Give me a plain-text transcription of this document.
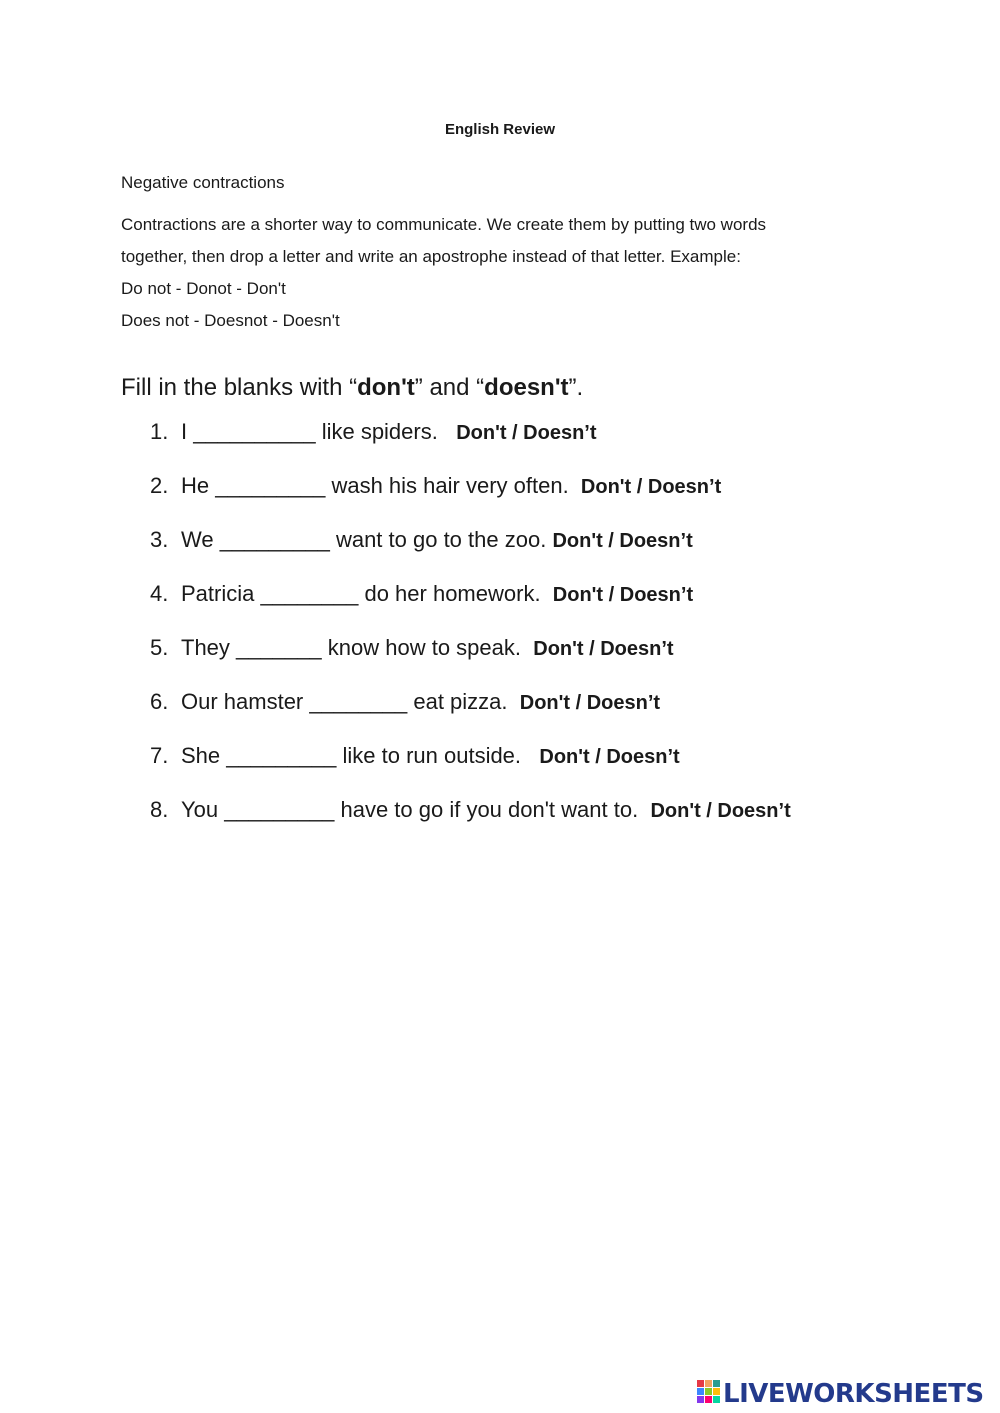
English Review
Negative contractions
Contractions are a shorter way to communicate. We create them by putting two words
together, then drop a letter and write an apostrophe instead of that letter. Example:
Do not - Donot - Don't
Does not - Doesnot - Doesn't
Fill in the blanks with “don't” and “doesn't”.
1. I __________ like spiders. Don't / Doesn’t
2. He _________ wash his hair very often. Don't / Doesn’t
3. We _________ want to go to the zoo. Don't / Doesn’t
4. Patricia ________ do her homework. Don't / Doesn’t
5. They _______ know how to speak. Don't / Doesn’t
6. Our hamster ________ eat pizza. Don't / Doesn’t
7. She _________ like to run outside. Don't / Doesn’t
8. You _________ have to go if you don't want to. Don't / Doesn’t
LIVEWORKSHEETS
